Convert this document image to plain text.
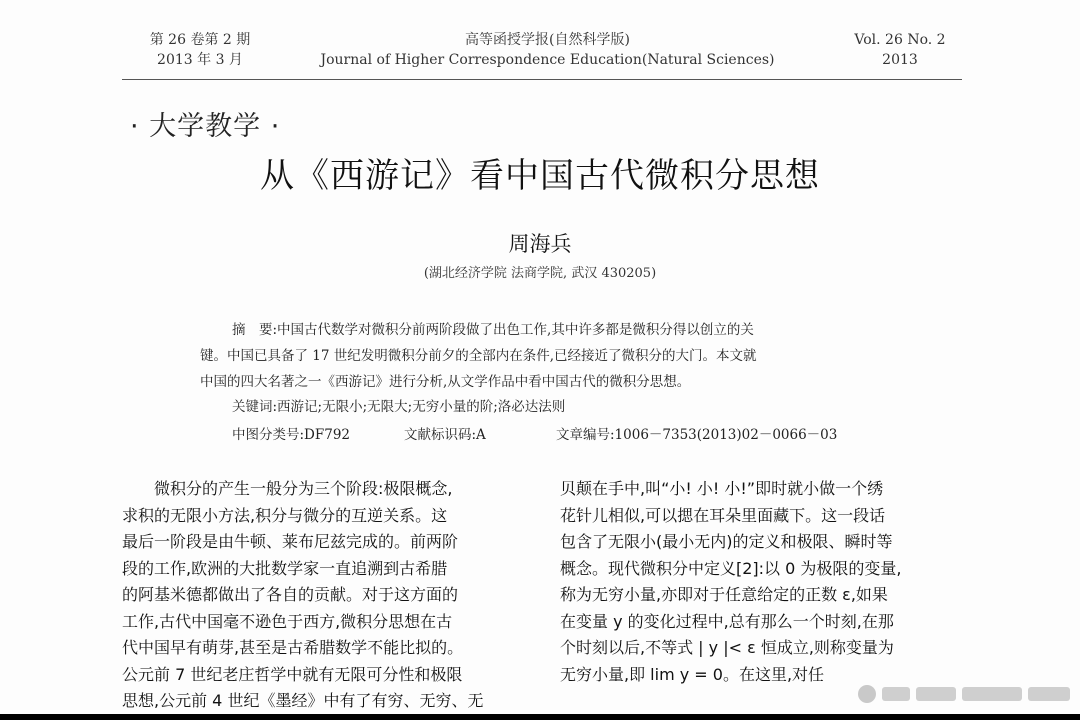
第 26 卷第 2 期
2013 年 3 月
高等函授学报(自然科学版)
Journal of Higher Correspondence Education(Natural Sciences)
Vol. 26 No. 2
2013
· 大学教学 ·
从《西游记》看中国古代微积分思想
周海兵
(湖北经济学院 法商学院, 武汉 430205)
摘　要:中国古代数学对微积分前两阶段做了出色工作,其中许多都是微积分得以创立的关
键。中国已具备了 17 世纪发明微积分前夕的全部内在条件,已经接近了微积分的大门。本文就
中国的四大名著之一《西游记》进行分析,从文学作品中看中国古代的微积分思想。
关键词:西游记;无限小;无限大;无穷小量的阶;洛必达法则
中图分类号:DF792	文献标识码:A	文章编号:1006－7353(2013)02－0066－03
　　微积分的产生一般分为三个阶段:极限概念,
求积的无限小方法,积分与微分的互逆关系。这
最后一阶段是由牛顿、莱布尼兹完成的。前两阶
段的工作,欧洲的大批数学家一直追溯到古希腊
的阿基米德都做出了各自的贡献。对于这方面的
工作,古代中国毫不逊色于西方,微积分思想在古
代中国早有萌芽,甚至是古希腊数学不能比拟的。
公元前 7 世纪老庄哲学中就有无限可分性和极限
思想,公元前 4 世纪《墨经》中有了有穷、无穷、无
贝颠在手中,叫“小! 小! 小!”即时就小做一个绣
花针儿相似,可以揌在耳朵里面藏下。这一段话
包含了无限小(最小无内)的定义和极限、瞬时等
概念。现代微积分中定义[2]:以 0 为极限的变量,
称为无穷小量,亦即对于任意给定的正数 ε,如果
在变量 y 的变化过程中,总有那么一个时刻,在那
个时刻以后,不等式 | y |< ε 恒成立,则称变量为
无穷小量,即 lim y = 0。在这里,对任
